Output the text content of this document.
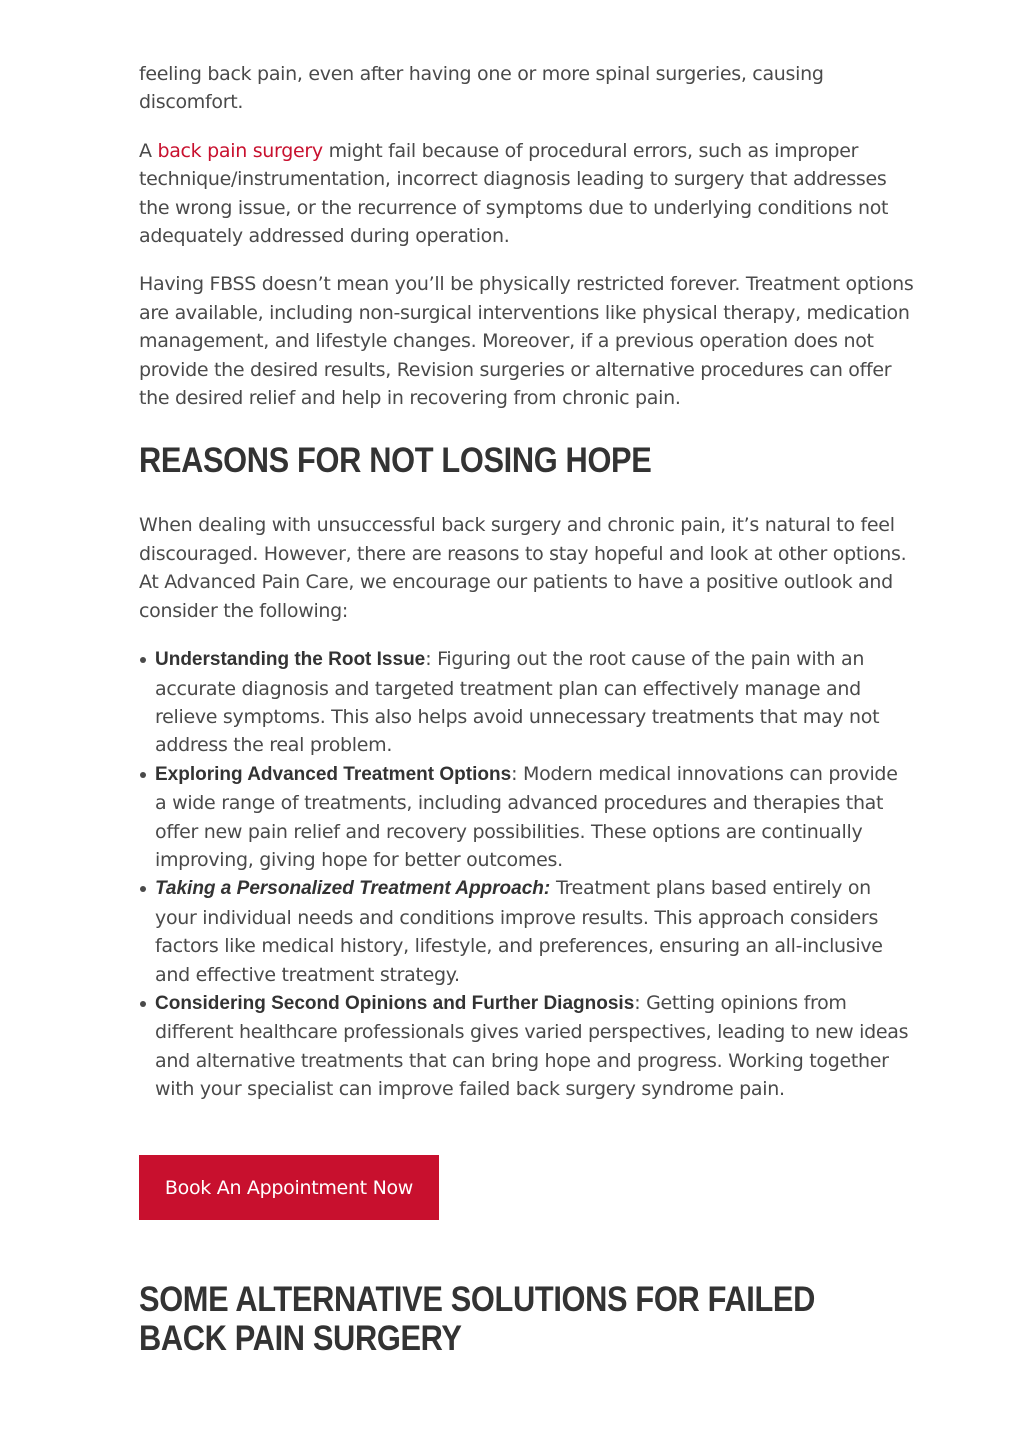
feeling back pain, even after having one or more spinal surgeries, causing discomfort.

A back pain surgery might fail because of procedural errors, such as improper technique/instrumentation, incorrect diagnosis leading to surgery that addresses the wrong issue, or the recurrence of symptoms due to underlying conditions not adequately addressed during operation.

Having FBSS doesn’t mean you’ll be physically restricted forever. Treatment options are available, including non-surgical interventions like physical therapy, medication management, and lifestyle changes. Moreover, if a previous operation does not provide the desired results, Revision surgeries or alternative procedures can offer the desired relief and help in recovering from chronic pain.

REASONS FOR NOT LOSING HOPE

When dealing with unsuccessful back surgery and chronic pain, it’s natural to feel discouraged. However, there are reasons to stay hopeful and look at other options. At Advanced Pain Care, we encourage our patients to have a positive outlook and consider the following:

Understanding the Root Issue: Figuring out the root cause of the pain with an accurate diagnosis and targeted treatment plan can effectively manage and relieve symptoms. This also helps avoid unnecessary treatments that may not address the real problem.
Exploring Advanced Treatment Options: Modern medical innovations can provide a wide range of treatments, including advanced procedures and therapies that offer new pain relief and recovery possibilities. These options are continually improving, giving hope for better outcomes.
Taking a Personalized Treatment Approach: Treatment plans based entirely on your individual needs and conditions improve results. This approach considers factors like medical history, lifestyle, and preferences, ensuring an all-inclusive and effective treatment strategy.
Considering Second Opinions and Further Diagnosis: Getting opinions from different healthcare professionals gives varied perspectives, leading to new ideas and alternative treatments that can bring hope and progress. Working together with your specialist can improve failed back surgery syndrome pain.
Book An Appointment Now
SOME ALTERNATIVE SOLUTIONS FOR FAILED
BACK PAIN SURGERY
